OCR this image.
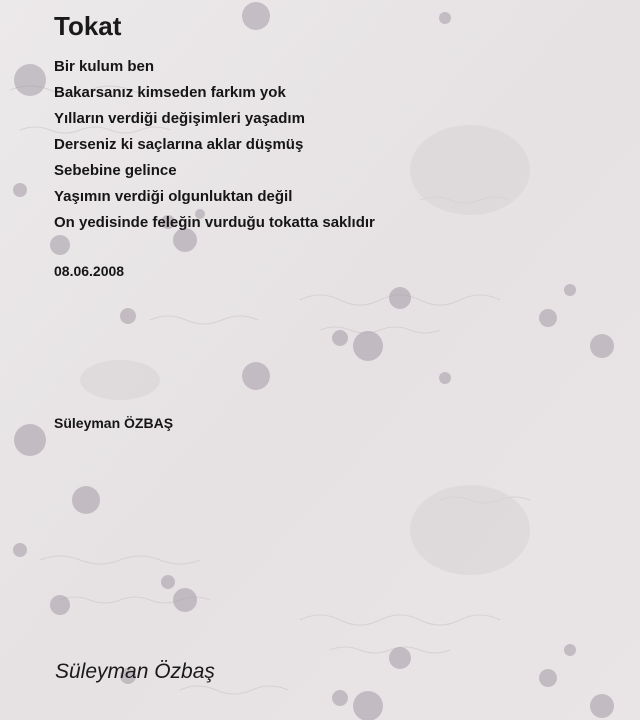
Tokat
Bir kulum ben
Bakarsanız kimseden farkım yok
Yılların verdiği değişimleri yaşadım
Derseniz ki saçlarına aklar düşmüş
Sebebine gelince
Yaşımın verdiği olgunluktan değil
On yedisinde feleğin vurduğu tokatta saklıdır
08.06.2008
Süleyman ÖZBAŞ
Süleyman Özbaş
